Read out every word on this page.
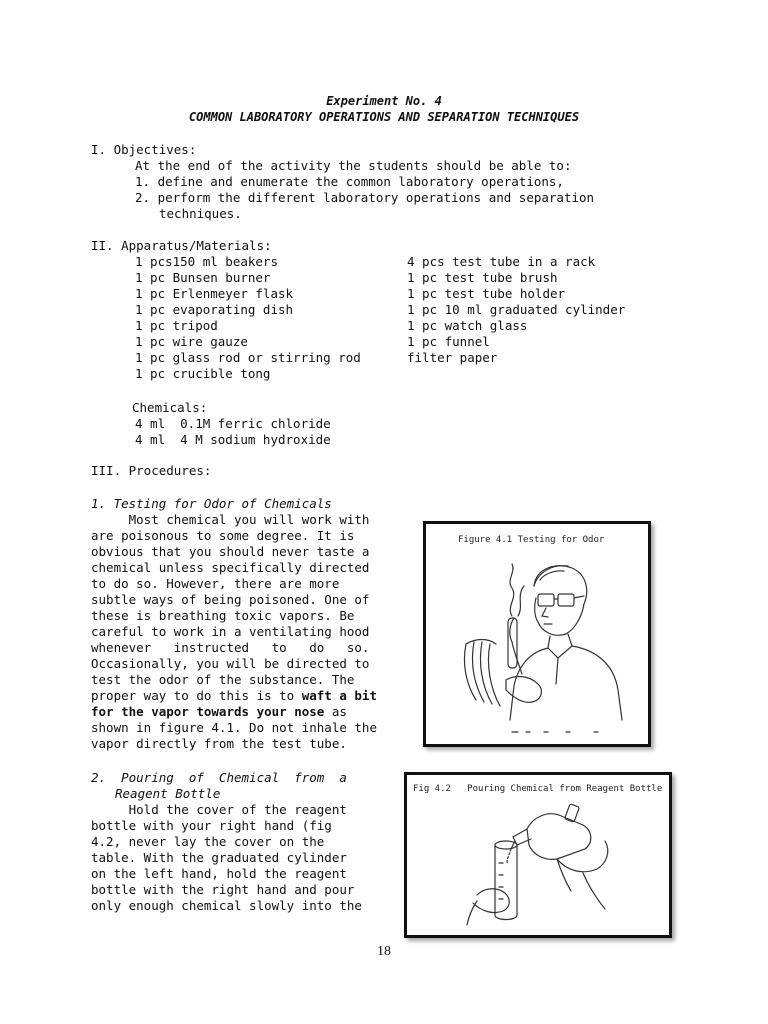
Experiment No. 4
COMMON LABORATORY OPERATIONS AND SEPARATION TECHNIQUES
I. Objectives:
At the end of the activity the students should be able to:
1. define and enumerate the common laboratory operations,
2. perform the different laboratory operations and separation
techniques.
II. Apparatus/Materials:
1 pcs150 ml beakers
1 pc Bunsen burner
1 pc Erlenmeyer flask
1 pc evaporating dish
1 pc tripod
1 pc wire gauze
1 pc glass rod or stirring rod
1 pc crucible tong
4 pcs test tube in a rack
1 pc test tube brush
1 pc test tube holder
1 pc 10 ml graduated cylinder
1 pc watch glass
1 pc funnel
filter paper
Chemicals:
4 ml  0.1M ferric chloride
4 ml  4 M sodium hydroxide
III. Procedures:
1. Testing for Odor of Chemicals
Most chemical you will work with
are poisonous to some degree. It is
obvious that you should never taste a
chemical unless specifically directed
to do so. However, there are more
subtle ways of being poisoned. One of
these is breathing toxic vapors. Be
careful to work in a ventilating hood
whenever   instructed   to   do   so.
Occasionally, you will be directed to
test the odor of the substance. The
proper way to do this is to waft a bit
for the vapor towards your nose as
shown in figure 4.1. Do not inhale the
vapor directly from the test tube.
Figure 4.1 Testing for Odor
2.  Pouring  of  Chemical  from  a
Reagent Bottle
Hold the cover of the reagent
bottle with your right hand (fig
4.2, never lay the cover on the
table. With the graduated cylinder
on the left hand, hold the reagent
bottle with the right hand and pour
only enough chemical slowly into the
Fig 4.2   Pouring Chemical from Reagent Bottle
18
